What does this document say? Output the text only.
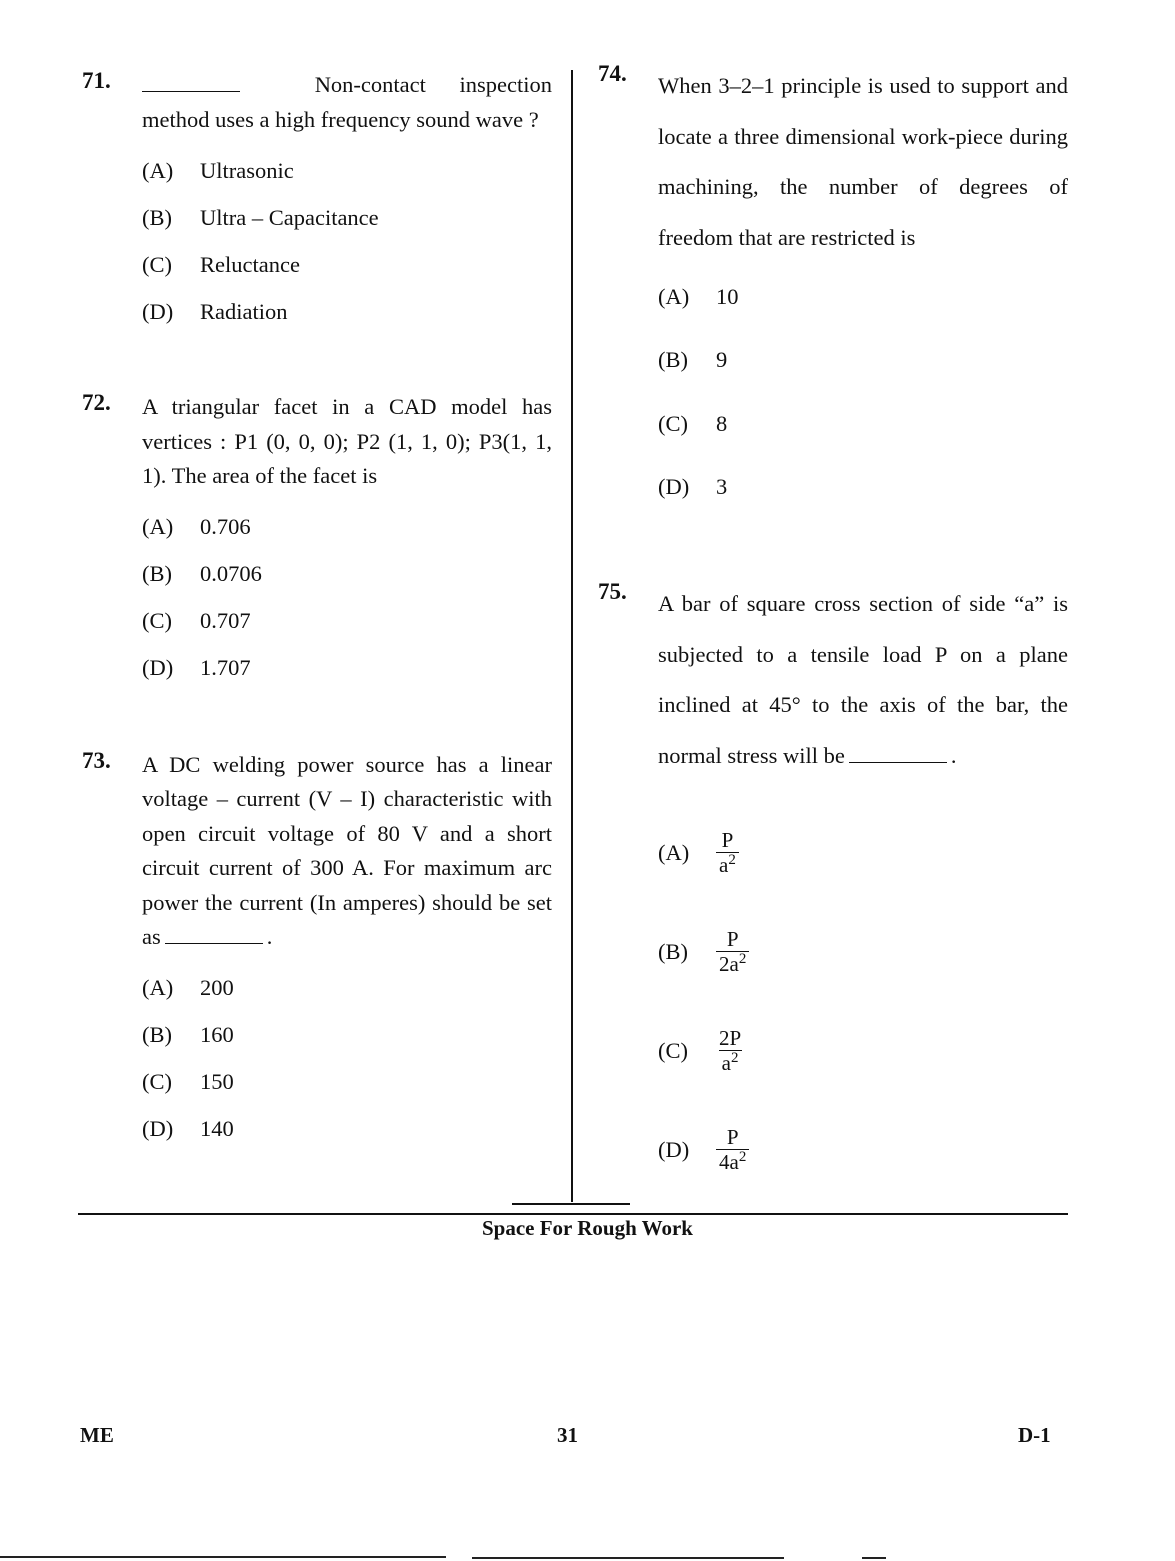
71.	Non-contact inspection
method uses a high frequency sound wave ?
(A)	Ultrasonic
(B)	Ultra – Capacitance
(C)	Reluctance
(D)	Radiation
72. A triangular facet in a CAD model has vertices : P1 (0, 0, 0); P2 (1, 1, 0); P3(1, 1, 1). The area of the facet is
(A)	0.706
(B)	0.0706
(C)	0.707
(D)	1.707
73. A DC welding power source has a linear voltage – current (V – I) characteristic with open circuit voltage of 80 V and a short circuit current of 300 A. For maximum arc power the current (In amperes) should be set as	.
(A)	200
(B)	160
(C)	150
(D)	140
74. When 3–2–1 principle is used to support and locate a three dimensional work-piece during machining, the number of degrees of freedom that are restricted is
(A)	10
(B)	9
(C)	8
(D)	3
75. A bar of square cross section of side “a” is subjected to a tensile load P on a plane inclined at 45° to the axis of the bar, the normal stress will be	.
(A)	$\frac{P}{a^2}$
(B)	$\frac{P}{2a^2}$
(C)	$\frac{2P}{a^2}$
(D)	$\frac{P}{4a^2}$
Space For Rough Work
ME	31	D-1
